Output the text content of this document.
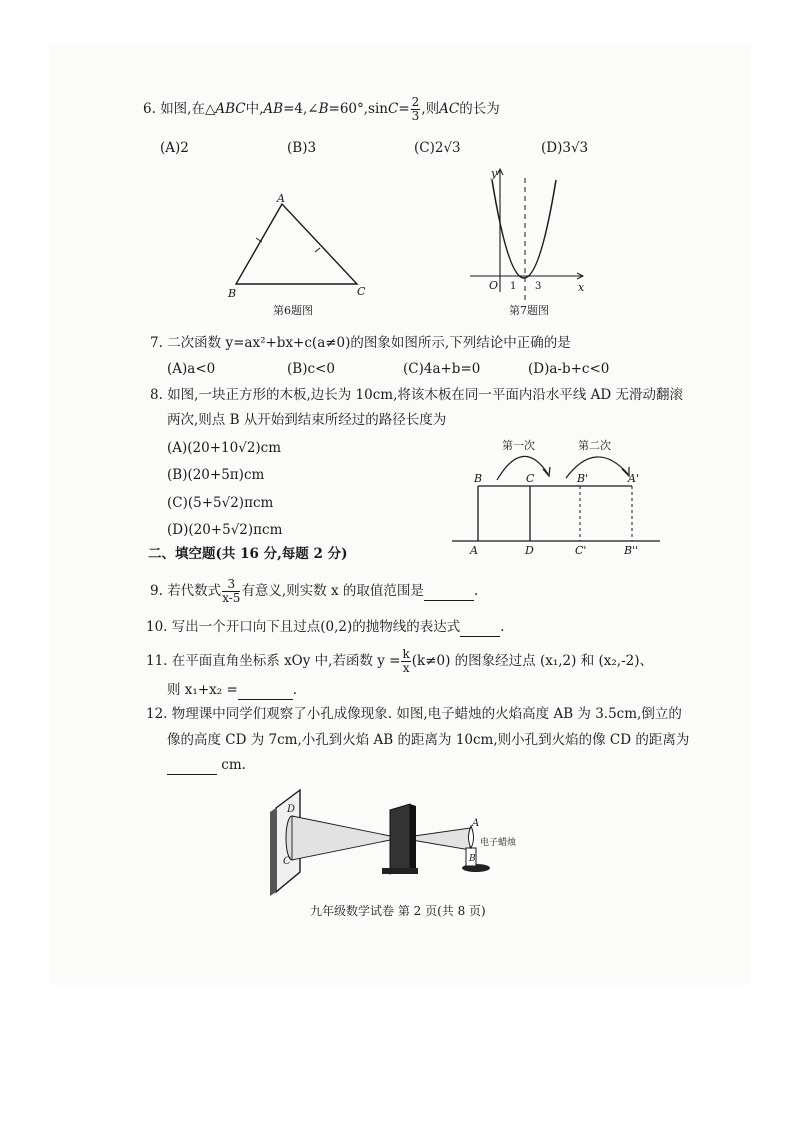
6. 如图,在△ABC中,AB=4,∠B=60°,sinC= $\frac{2}{3}$ ,则AC的长为
(A)2	(B)3	(C)2√3	(D)3√3
A
B	C
第6题图
y
x
O 1 3
第7题图
7. 二次函数 y=ax²+bx+c(a≠0)的图象如图所示,下列结论中正确的是
(A)a<0	(B)c<0	(C)4a+b=0	(D)a-b+c<0
8. 如图,一块正方形的木板,边长为 10cm,将该木板在同一平面内沿水平线 AD 无滑动翻滚
两次,则点 B 从开始到结束所经过的路径长度为
(A)(20+10√2)cm
(B)(20+5π)cm
(C)(5+5√2)πcm
(D)(20+5√2)πcm
第一次	第二次
B	C	B'	A'
A	D	C'	B''
二、填空题(共 16 分,每题 2 分)
9. 若代数式 $\frac{3}{x-5}$ 有意义,则实数 x 的取值范围是	.
10. 写出一个开口向下且过点(0,2)的抛物线的表达式	.
11. 在平面直角坐标系 xOy 中,若函数 $y = \frac{k}{x} (k\ne 0)$ 的图象经过点 (x₁,2) 和 (x₂,-2)、
则 x₁+x₂ =	.
12. 物理课中同学们观察了小孔成像现象. 如图,电子蜡烛的火焰高度 AB 为 3.5cm,倒立的
像的高度 CD 为 7cm,小孔到火焰 AB 的距离为 10cm,则小孔到火焰的像 CD 的距离为
cm.
D
C
A
B
电子蜡烛
九年级数学试卷 第 2 页(共 8 页)
